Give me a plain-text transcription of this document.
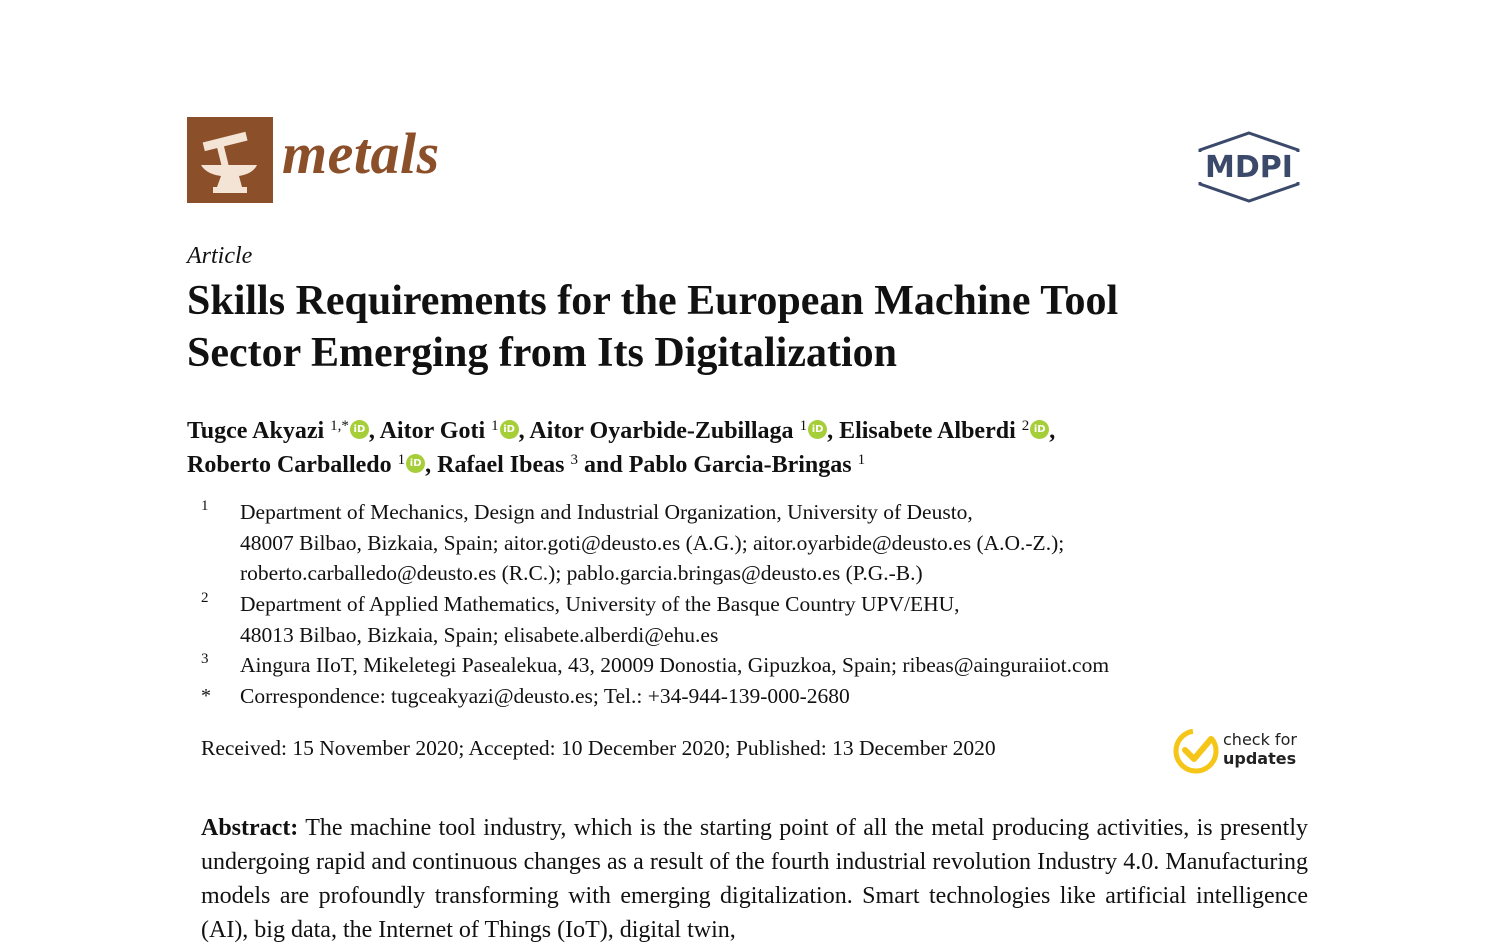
metals	MDPI
Article
Skills Requirements for the European Machine Tool
Sector Emerging from Its Digitalization
Tugce Akyazi $^{1,*}$ iD , Aitor Goti $^1$ iD , Aitor Oyarbide-Zubillaga $^1$ iD , Elisabete Alberdi $^2$ iD ,
Roberto Carballedo $^1$ iD , Rafael Ibeas $^3$ and Pablo Garcia-Bringas $^1$
1 Department of Mechanics, Design and Industrial Organization, University of Deusto,
48007 Bilbao, Bizkaia, Spain; aitor.goti@deusto.es (A.G.); aitor.oyarbide@deusto.es (A.O.-Z.);
roberto.carballedo@deusto.es (R.C.); pablo.garcia.bringas@deusto.es (P.G.-B.)
2 Department of Applied Mathematics, University of the Basque Country UPV/EHU,
48013 Bilbao, Bizkaia, Spain; elisabete.alberdi@ehu.es
3 Aingura IIoT, Mikeletegi Pasealekua, 43, 20009 Donostia, Gipuzkoa, Spain; ribeas@ainguraiiot.com
* Correspondence: tugceakyazi@deusto.es; Tel.: +34-944-139-000-2680
Received: 15 November 2020; Accepted: 10 December 2020; Published: 13 December 2020	check for
updates

Abstract: The machine tool industry, which is the starting point of all the metal producing activities, is presently undergoing rapid and continuous changes as a result of the fourth industrial revolution Industry 4.0. Manufacturing models are profoundly transforming with emerging digitalization. Smart technologies like artificial intelligence (AI), big data, the Internet of Things (IoT), digital twin,
